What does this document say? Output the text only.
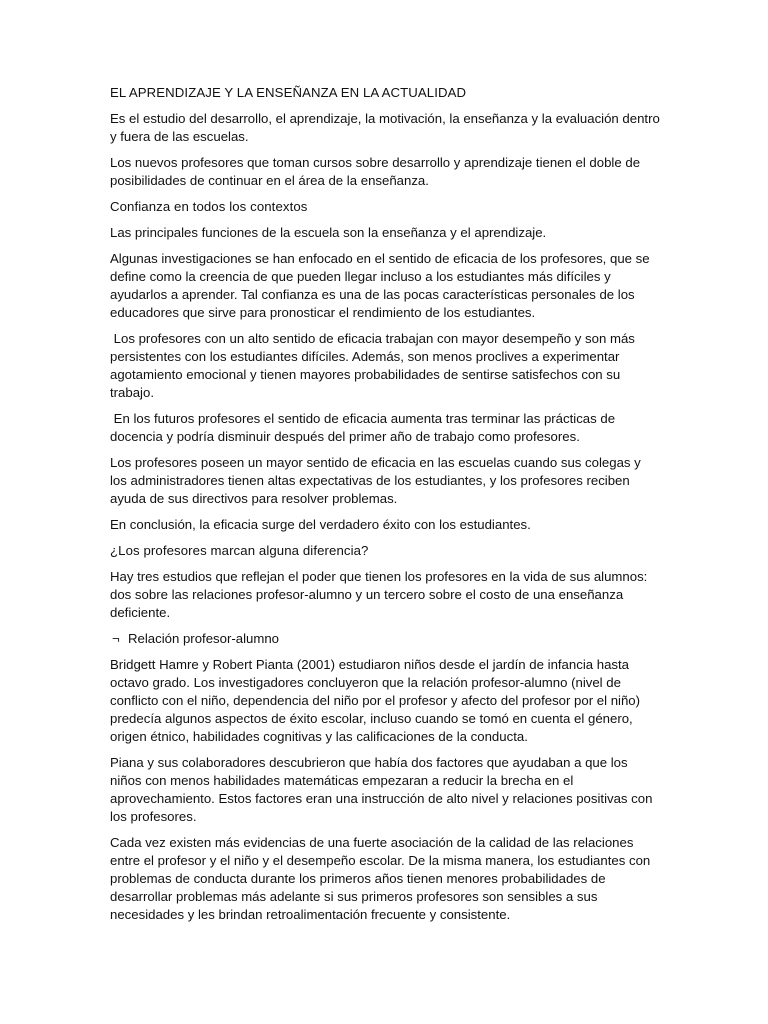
EL APRENDIZAJE Y LA ENSEÑANZA EN LA ACTUALIDAD

Es el estudio del desarrollo, el aprendizaje, la motivación, la enseñanza y la evaluación dentro y fuera de las escuelas.

Los nuevos profesores que toman cursos sobre desarrollo y aprendizaje tienen el doble de posibilidades de continuar en el área de la enseñanza.

Confianza en todos los contextos

Las principales funciones de la escuela son la enseñanza y el aprendizaje.

Algunas investigaciones se han enfocado en el sentido de eficacia de los profesores, que se define como la creencia de que pueden llegar incluso a los estudiantes más difíciles y ayudarlos a aprender. Tal confianza es una de las pocas características personales de los educadores que sirve para pronosticar el rendimiento de los estudiantes.

Los profesores con un alto sentido de eficacia trabajan con mayor desempeño y son más persistentes con los estudiantes difíciles. Además, son menos proclives a experimentar agotamiento emocional y tienen mayores probabilidades de sentirse satisfechos con su trabajo.

En los futuros profesores el sentido de eficacia aumenta tras terminar las prácticas de docencia y podría disminuir después del primer año de trabajo como profesores.

Los profesores poseen un mayor sentido de eficacia en las escuelas cuando sus colegas y los administradores tienen altas expectativas de los estudiantes, y los profesores reciben ayuda de sus directivos para resolver problemas.

En conclusión, la eficacia surge del verdadero éxito con los estudiantes.

¿Los profesores marcan alguna diferencia?

Hay tres estudios que reflejan el poder que tienen los profesores en la vida de sus alumnos: dos sobre las relaciones profesor-alumno y un tercero sobre el costo de una enseñanza deficiente.

¬ Relación profesor-alumno

Bridgett Hamre y Robert Pianta (2001) estudiaron niños desde el jardín de infancia hasta octavo grado. Los investigadores concluyeron que la relación profesor-alumno (nivel de conflicto con el niño, dependencia del niño por el profesor y afecto del profesor por el niño) predecía algunos aspectos de éxito escolar, incluso cuando se tomó en cuenta el género, origen étnico, habilidades cognitivas y las calificaciones de la conducta.

Piana y sus colaboradores descubrieron que había dos factores que ayudaban a que los niños con menos habilidades matemáticas empezaran a reducir la brecha en el aprovechamiento. Estos factores eran una instrucción de alto nivel y relaciones positivas con los profesores.

Cada vez existen más evidencias de una fuerte asociación de la calidad de las relaciones entre el profesor y el niño y el desempeño escolar. De la misma manera, los estudiantes con problemas de conducta durante los primeros años tienen menores probabilidades de desarrollar problemas más adelante si sus primeros profesores son sensibles a sus necesidades y les brindan retroalimentación frecuente y consistente.
